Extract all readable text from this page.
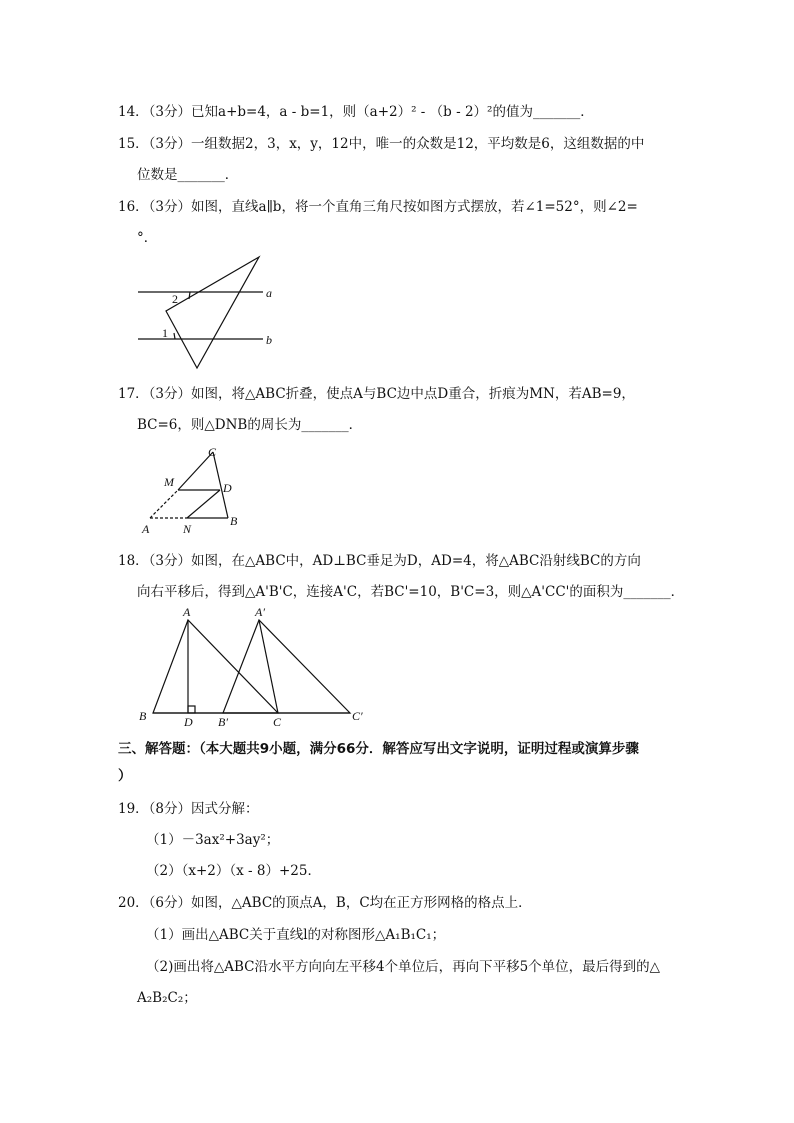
14．（3分）已知a+b=4，a - b=1，则（a+2）² - （b - 2）²的值为_______．
15．（3分）一组数据2，3，x，y，12中，唯一的众数是12，平均数是6，这组数据的中
位数是_______．
16．（3分）如图，直线a∥b，将一个直角三角尺按如图方式摆放，若∠1=52°，则∠2=
°．
a
b
2
1
17．（3分）如图，将△ABC折叠，使点A与BC边中点D重合，折痕为MN，若AB=9，
BC=6，则△DNB的周长为_______．
C
M	D
A	N
B
18．（3分）如图，在△ABC中，AD⊥BC垂足为D，AD=4，将△ABC沿射线BC的方向
向右平移后，得到△A'B'C，连接A'C，若BC'=10，B'C=3，则△A'CC'的面积为_______．
A	A′
B	D B′	C	C′
三、解答题：（本大题共9小题，满分66分．解答应写出文字说明，证明过程或演算步骤
）
19．（8分）因式分解：
（1）－3ax²+3ay²；
（2）（x+2）（x - 8）+25．
20．（6分）如图，△ABC的顶点A，B，C均在正方形网格的格点上．
（1）画出△ABC关于直线l的对称图形△A₁B₁C₁；
（2)画出将△ABC沿水平方向向左平移4个单位后，再向下平移5个单位，最后得到的△
A₂B₂C₂；
